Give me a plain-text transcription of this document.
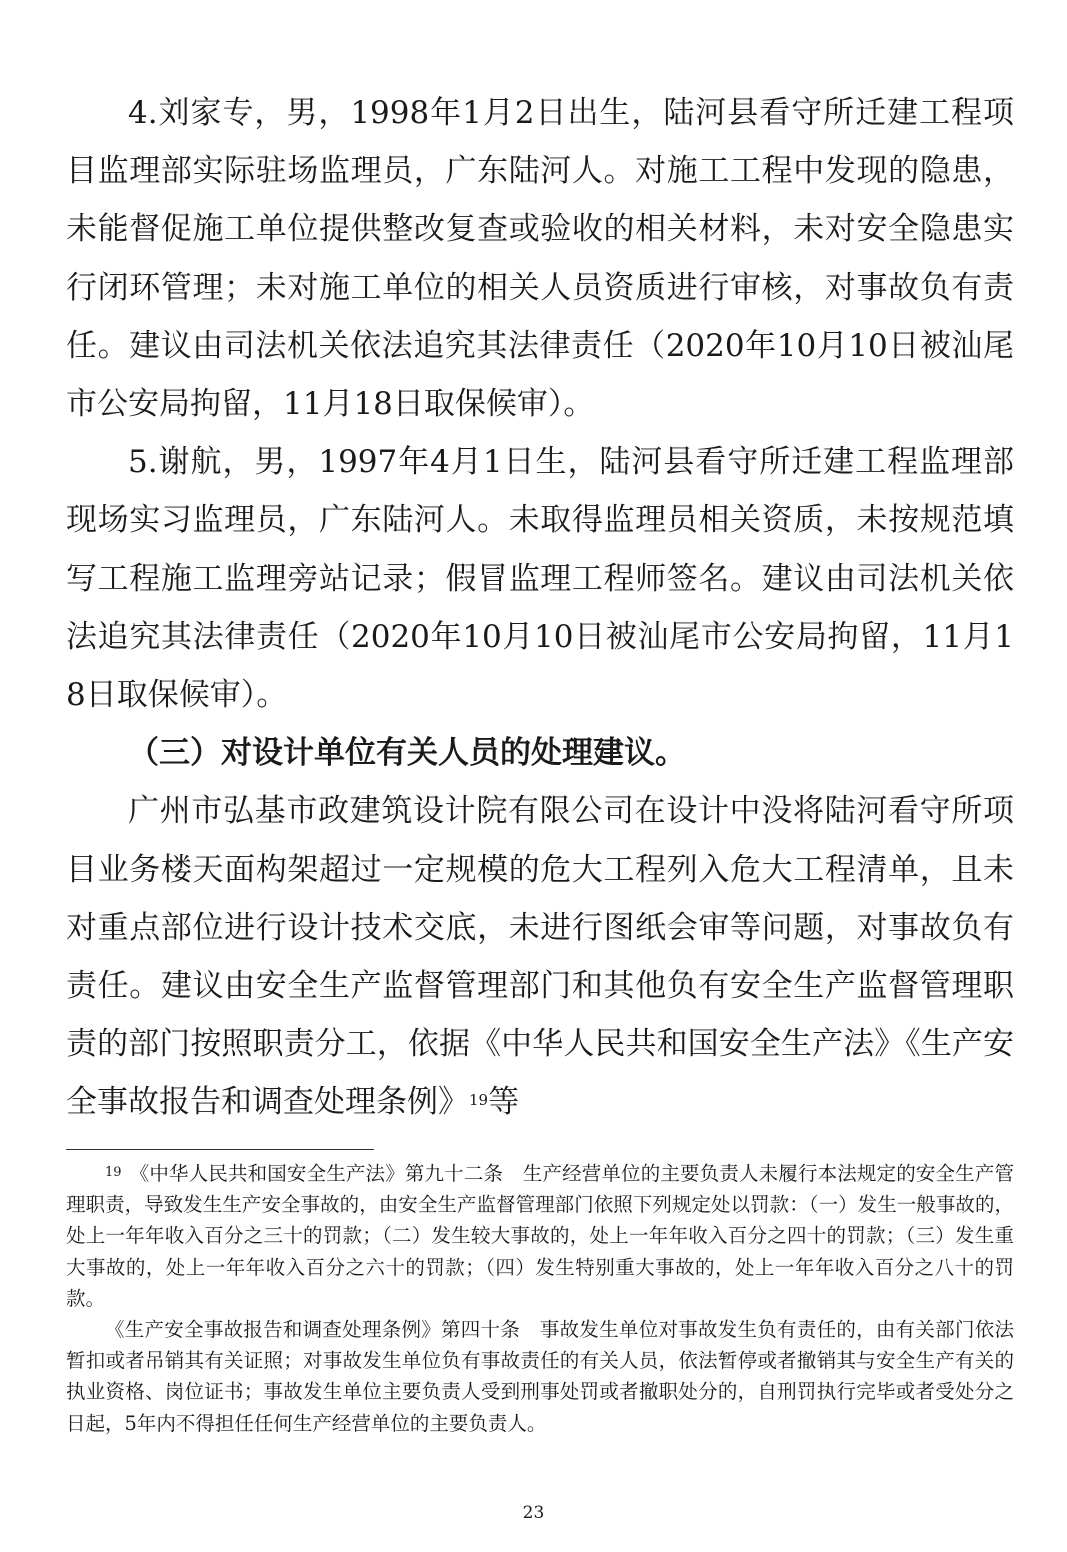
4.刘家专，男，1998年1月2日出生，陆河县看守所迁建工程项目监理部实际驻场监理员，广东陆河人。对施工工程中发现的隐患，未能督促施工单位提供整改复查或验收的相关材料，未对安全隐患实行闭环管理；未对施工单位的相关人员资质进行审核，对事故负有责任。建议由司法机关依法追究其法律责任（2020年10月10日被汕尾市公安局拘留，11月18日取保候审）。

5.谢航，男，1997年4月1日生，陆河县看守所迁建工程监理部现场实习监理员，广东陆河人。未取得监理员相关资质，未按规范填写工程施工监理旁站记录；假冒监理工程师签名。建议由司法机关依法追究其法律责任（2020年10月10日被汕尾市公安局拘留，11月18日取保候审）。

（三）对设计单位有关人员的处理建议。

广州市弘基市政建筑设计院有限公司在设计中没将陆河看守所项目业务楼天面构架超过一定规模的危大工程列入危大工程清单，且未对重点部位进行设计技术交底，未进行图纸会审等问题，对事故负有责任。建议由安全生产监督管理部门和其他负有安全生产监督管理职责的部门按照职责分工，依据《中华人民共和国安全生产法》《生产安全事故报告和调查处理条例》$^{19}$等

$^{19}$ 《中华人民共和国安全生产法》第九十二条　生产经营单位的主要负责人未履行本法规定的安全生产管理职责，导致发生生产安全事故的，由安全生产监督管理部门依照下列规定处以罚款：（一）发生一般事故的，处上一年年收入百分之三十的罚款；（二）发生较大事故的，处上一年年收入百分之四十的罚款；（三）发生重大事故的，处上一年年收入百分之六十的罚款；（四）发生特别重大事故的，处上一年年收入百分之八十的罚款。

《生产安全事故报告和调查处理条例》第四十条　事故发生单位对事故发生负有责任的，由有关部门依法暂扣或者吊销其有关证照；对事故发生单位负有事故责任的有关人员，依法暂停或者撤销其与安全生产有关的执业资格、岗位证书；事故发生单位主要负责人受到刑事处罚或者撤职处分的，自刑罚执行完毕或者受处分之日起，5年内不得担任任何生产经营单位的主要负责人。

23
